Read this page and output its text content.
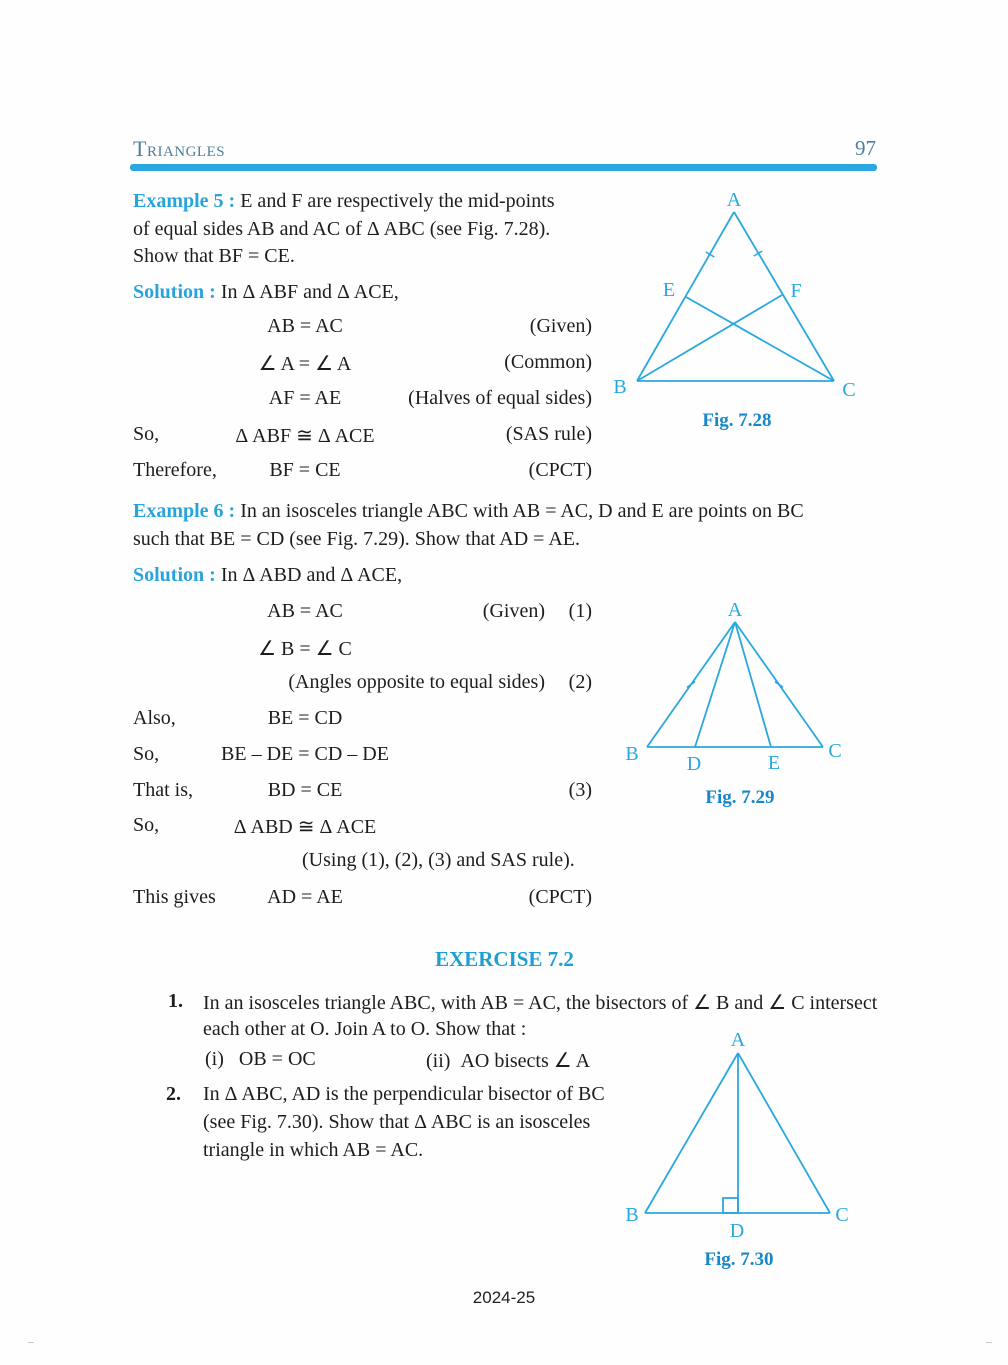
Triangles	97
Example 5 : E and F are respectively the mid-points
of equal sides AB and AC of Δ ABC (see Fig. 7.28).
Show that BF = CE.
Solution : In Δ ABF and Δ ACE,
AB = AC	(Given)
∠ A = ∠ A	(Common)
AF = AE	(Halves of equal sides)
So,	Δ ABF ≅ Δ ACE	(SAS rule)
Therefore,	BF = CE	(CPCT)
A
B	C
E	F
Fig. 7.28
Example 6 : In an isosceles triangle ABC with AB = AC, D and E are points on BC
such that BE = CD (see Fig. 7.29). Show that AD = AE.
Solution : In Δ ABD and Δ ACE,
AB = AC	(Given) (1)
∠ B = ∠ C
(Angles opposite to equal sides) (2)
Also,	BE = CD
So,	BE – DE = CD – DE
That is,	BD = CE	(3)
So,	Δ ABD ≅ Δ ACE
(Using (1), (2), (3) and SAS rule).
This gives	AD = AE	(CPCT)
A
B	C
D	E
Fig. 7.29
EXERCISE 7.2
1. In an isosceles triangle ABC, with AB = AC, the bisectors of ∠ B and ∠ C intersect
each other at O. Join A to O. Show that :
(i) OB = OC	(ii) AO bisects ∠ A
2. In Δ ABC, AD is the perpendicular bisector of BC
(see Fig. 7.30). Show that Δ ABC is an isosceles
triangle in which AB = AC.
A
B	C
D
Fig. 7.30
2024-25
